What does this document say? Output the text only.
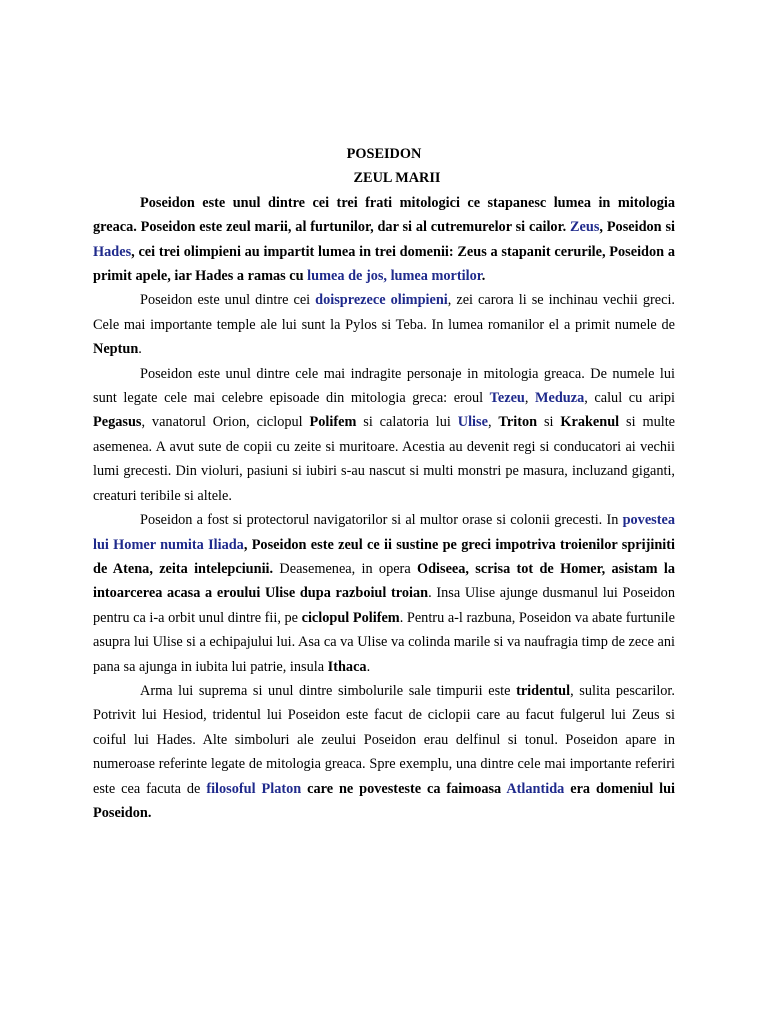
POSEIDON

ZEUL MARII

Poseidon este unul dintre cei trei frati mitologici ce stapanesc lumea in mitologia greaca. Poseidon este zeul marii, al furtunilor, dar si al cutremurelor si cailor. Zeus, Poseidon si Hades, cei trei olimpieni au impartit lumea in trei domenii: Zeus a stapanit cerurile, Poseidon a primit apele, iar Hades a ramas cu lumea de jos, lumea mortilor.

Poseidon este unul dintre cei doisprezece olimpieni, zei carora li se inchinau vechii greci. Cele mai importante temple ale lui sunt la Pylos si Teba. In lumea romanilor el a primit numele de Neptun.

Poseidon este unul dintre cele mai indragite personaje in mitologia greaca. De numele lui sunt legate cele mai celebre episoade din mitologia greca: eroul Tezeu, Meduza, calul cu aripi Pegasus, vanatorul Orion, ciclopul Polifem si calatoria lui Ulise, Triton si Krakenul si multe asemenea. A avut sute de copii cu zeite si muritoare. Acestia au devenit regi si conducatori ai vechii lumi grecesti. Din violuri, pasiuni si iubiri s-au nascut si multi monstri pe masura, incluzand giganti, creaturi teribile si altele.

Poseidon a fost si protectorul navigatorilor si al multor orase si colonii grecesti. In povestea lui Homer numita Iliada, Poseidon este zeul ce ii sustine pe greci impotriva troienilor sprijiniti de Atena, zeita intelepciunii. Deasemenea, in opera Odiseea, scrisa tot de Homer, asistam la intoarcerea acasa a eroului Ulise dupa razboiul troian. Insa Ulise ajunge dusmanul lui Poseidon pentru ca i-a orbit unul dintre fii, pe ciclopul Polifem. Pentru a-l razbuna, Poseidon va abate furtunile asupra lui Ulise si a echipajului lui. Asa ca va Ulise va colinda marile si va naufragia timp de zece ani pana sa ajunga in iubita lui patrie, insula Ithaca.

Arma lui suprema si unul dintre simbolurile sale timpurii este tridentul, sulita pescarilor. Potrivit lui Hesiod, tridentul lui Poseidon este facut de ciclopii care au facut fulgerul lui Zeus si coiful lui Hades. Alte simboluri ale zeului Poseidon erau delfinul si tonul. Poseidon apare in numeroase referinte legate de mitologia greaca. Spre exemplu, una dintre cele mai importante referiri este cea facuta de filosoful Platon care ne povesteste ca faimoasa Atlantida era domeniul lui Poseidon.
